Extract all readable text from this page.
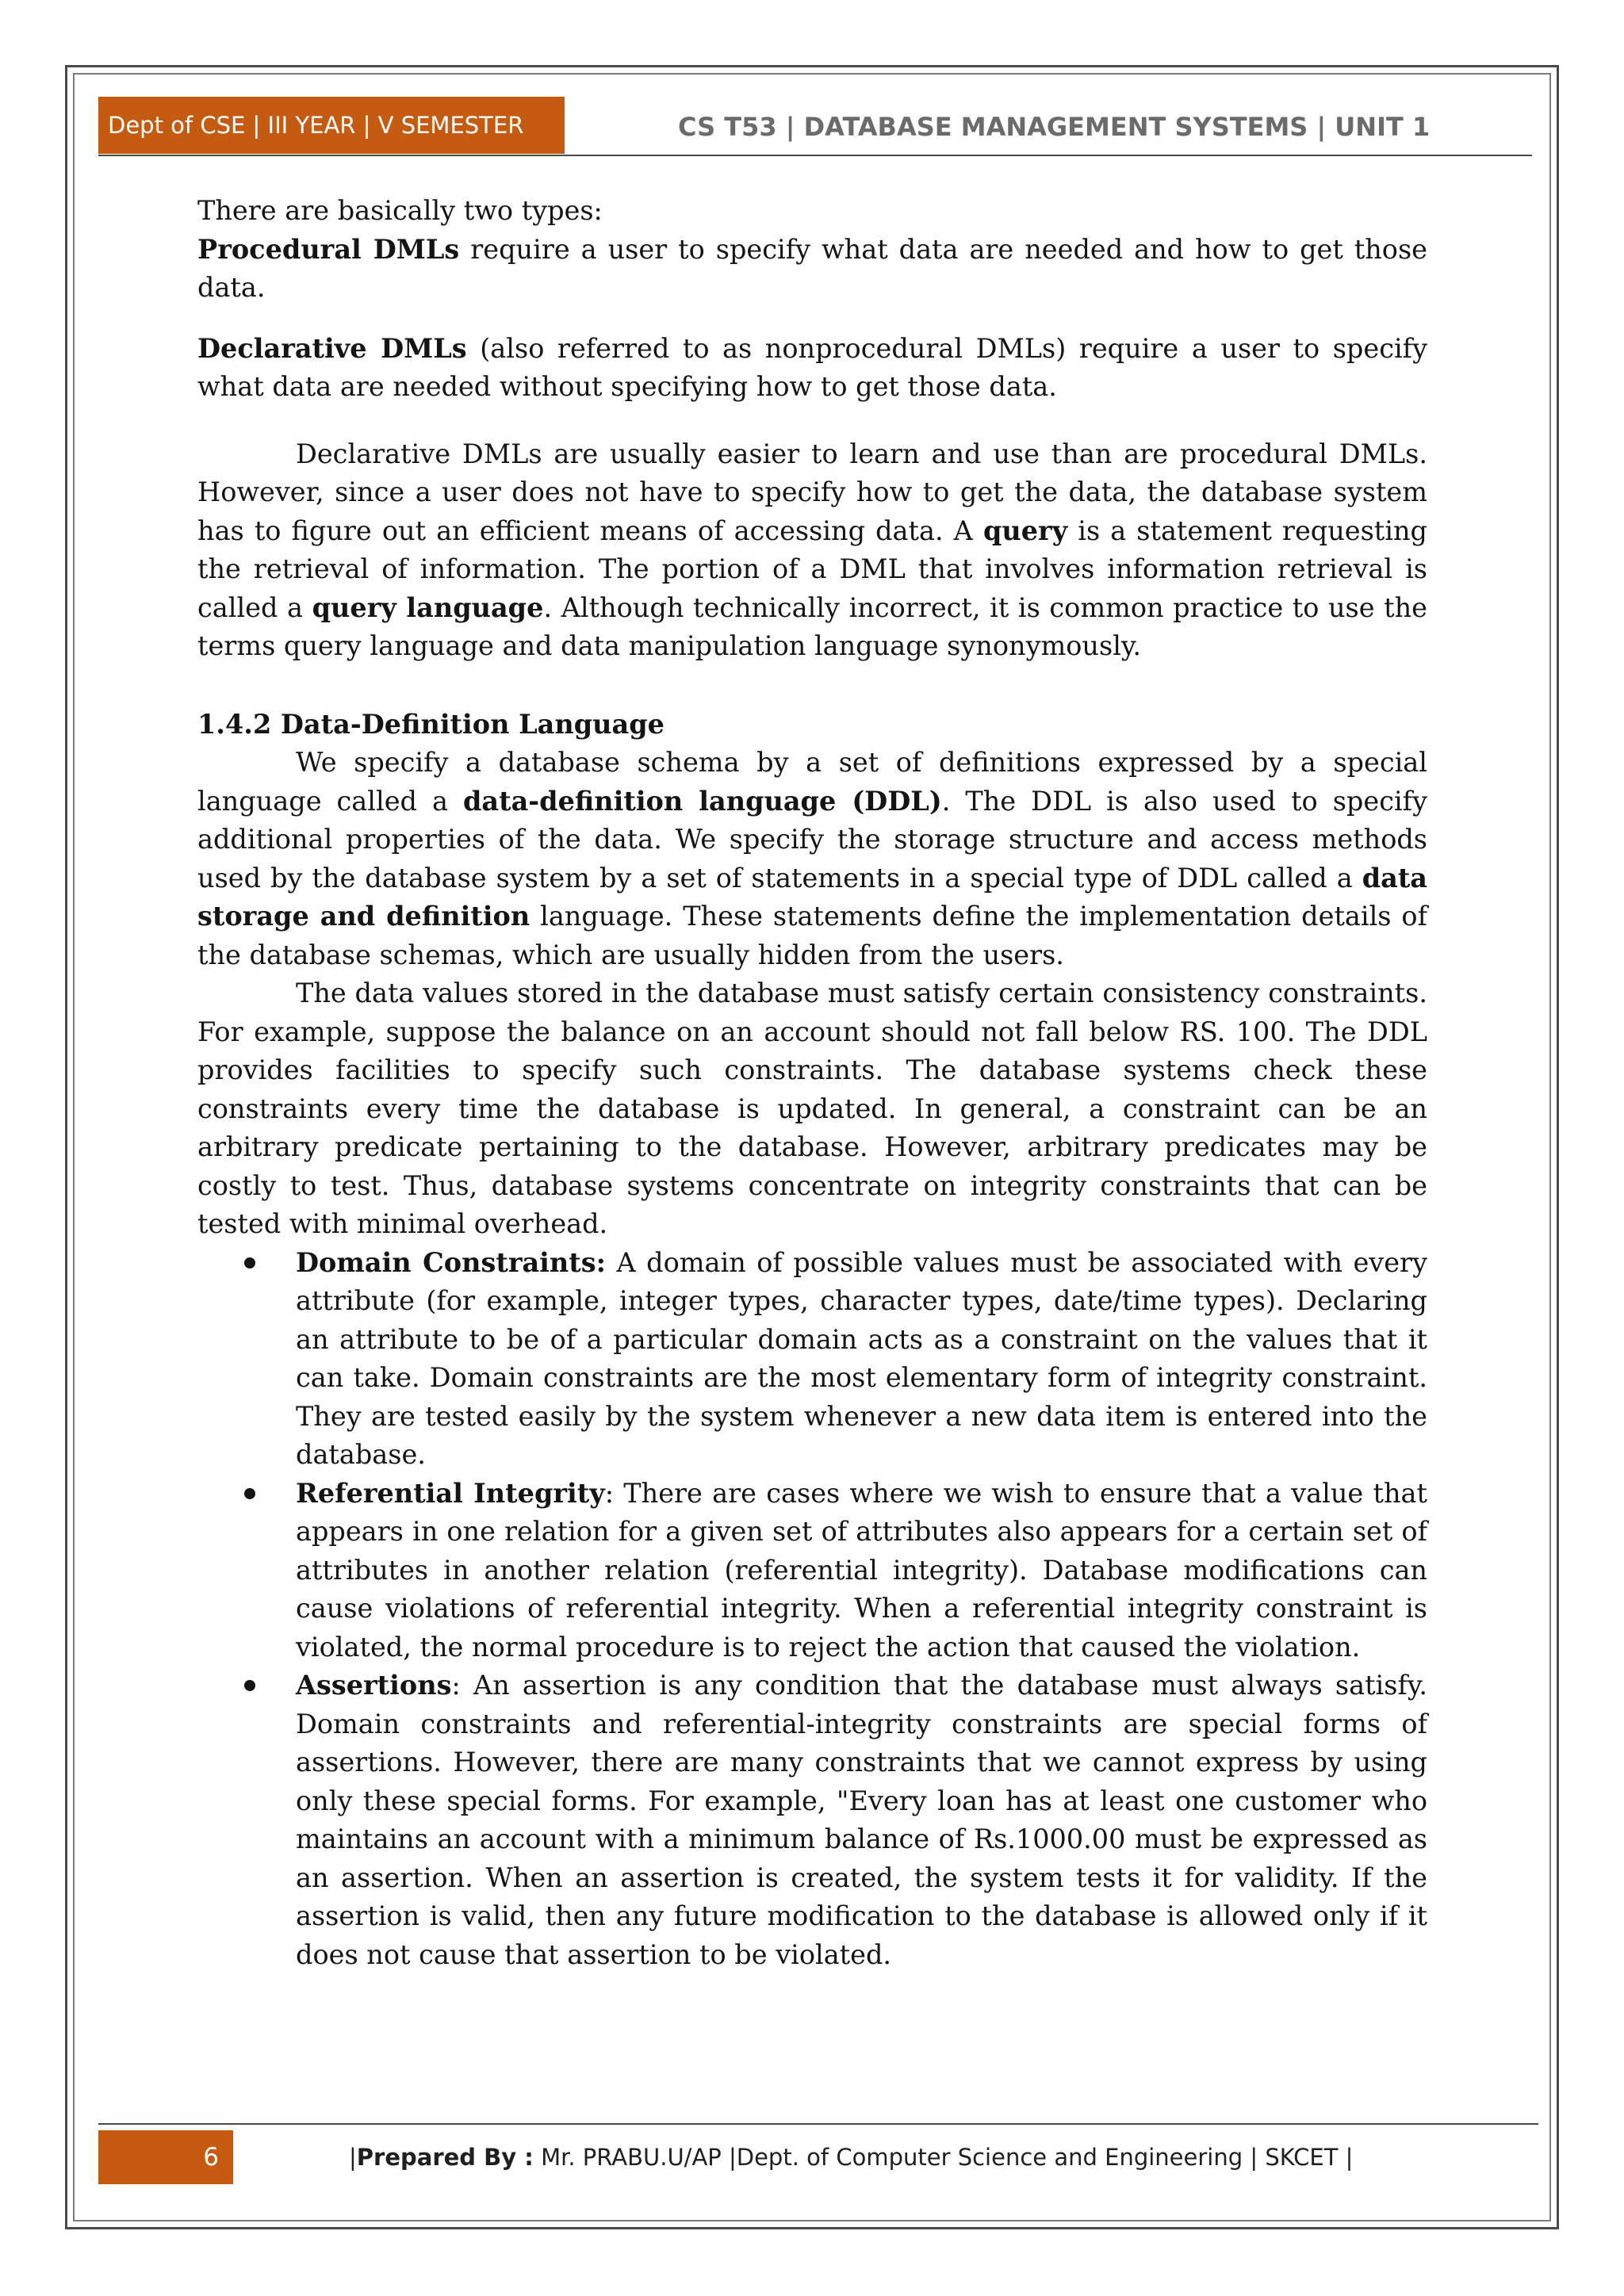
Dept of CSE | III YEAR | V SEMESTER	CS T53 | DATABASE MANAGEMENT SYSTEMS | UNIT 1

There are basically two types:

Procedural DMLs require a user to specify what data are needed and how to get those data.

Declarative DMLs (also referred to as nonprocedural DMLs) require a user to specify what data are needed without specifying how to get those data.

Declarative DMLs are usually easier to learn and use than are procedural DMLs. However, since a user does not have to specify how to get the data, the database system has to figure out an efficient means of accessing data. A query is a statement requesting the retrieval of information. The portion of a DML that involves information retrieval is called a query language. Although technically incorrect, it is common practice to use the terms query language and data manipulation language synonymously.

1.4.2 Data-Definition Language

We specify a database schema by a set of definitions expressed by a special language called a data-definition language (DDL). The DDL is also used to specify additional properties of the data. We specify the storage structure and access methods used by the database system by a set of statements in a special type of DDL called a data storage and definition language. These statements define the implementation details of the database schemas, which are usually hidden from the users.

The data values stored in the database must satisfy certain consistency constraints. For example, suppose the balance on an account should not fall below RS. 100. The DDL provides facilities to specify such constraints. The database systems check these constraints every time the database is updated. In general, a constraint can be an arbitrary predicate pertaining to the database. However, arbitrary predicates may be costly to test. Thus, database systems concentrate on integrity constraints that can be tested with minimal overhead.

Domain Constraints: A domain of possible values must be associated with every attribute (for example, integer types, character types, date/time types). Declaring an attribute to be of a particular domain acts as a constraint on the values that it can take. Domain constraints are the most elementary form of integrity constraint. They are tested easily by the system whenever a new data item is entered into the database.
Referential Integrity: There are cases where we wish to ensure that a value that appears in one relation for a given set of attributes also appears for a certain set of attributes in another relation (referential integrity). Database modifications can cause violations of referential integrity. When a referential integrity constraint is violated, the normal procedure is to reject the action that caused the violation.
Assertions: An assertion is any condition that the database must always satisfy. Domain constraints and referential-integrity constraints are special forms of assertions. However, there are many constraints that we cannot express by using only these special forms. For example, "Every loan has at least one customer who maintains an account with a minimum balance of Rs.1000.00 must be expressed as an assertion. When an assertion is created, the system tests it for validity. If the assertion is valid, then any future modification to the database is allowed only if it does not cause that assertion to be violated.
6	|Prepared By : Mr. PRABU.U/AP |Dept. of Computer Science and Engineering | SKCET |
